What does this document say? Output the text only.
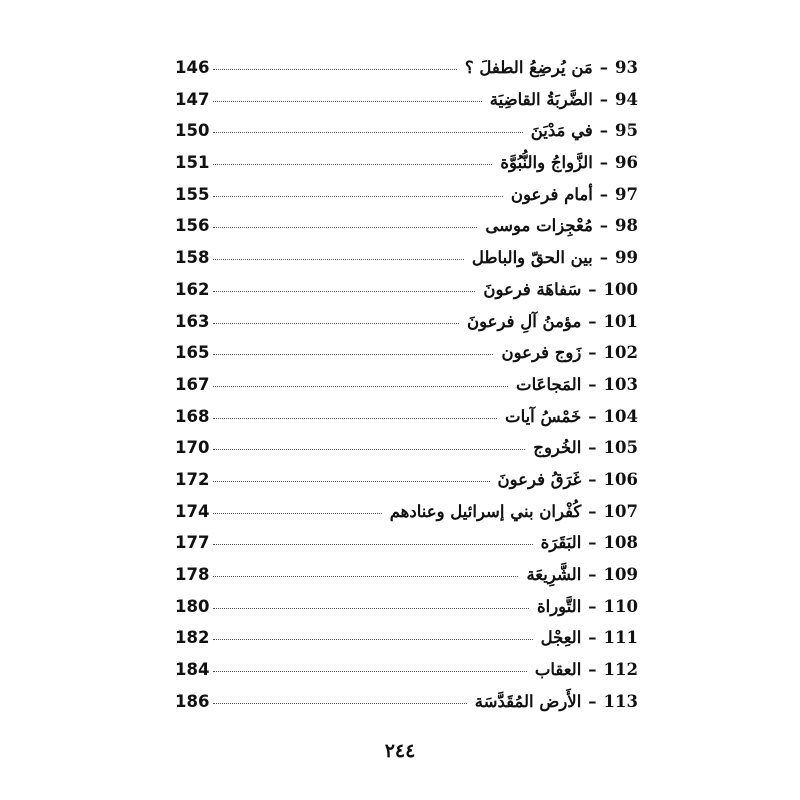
93
–
مَن يُرضِعُ الطفلَ ؟
146
94
–
الضَّربَةُ القاضِيَة
147
95
–
في مَدْيَنَ
150
96
–
الزَّواجُ والنُّبُوَّة
151
97
–
أمام فرعون
155
98
–
مُعْجِزات موسى
156
99
–
بين الحقّ والباطل
158
100
–
سَفاهَة فرعونَ
162
101
–
مؤمنُ آلِ فرعونَ
163
102
–
زَوج فرعون
165
103
–
المَجاعَات
167
104
–
خَمْسُ آيات
168
105
–
الخُروج
170
106
–
غَرَقُ فرعونَ
172
107
–
كُفْران بني إسرائيل وعنادهم
174
108
–
البَقَرَة
177
109
–
الشَّرِيعَة
178
110
–
التَّوراة
180
111
–
العِجْل
182
112
–
العقاب
184
113
–
الأَرض المُقَدَّسَة
186
٢٤٤
